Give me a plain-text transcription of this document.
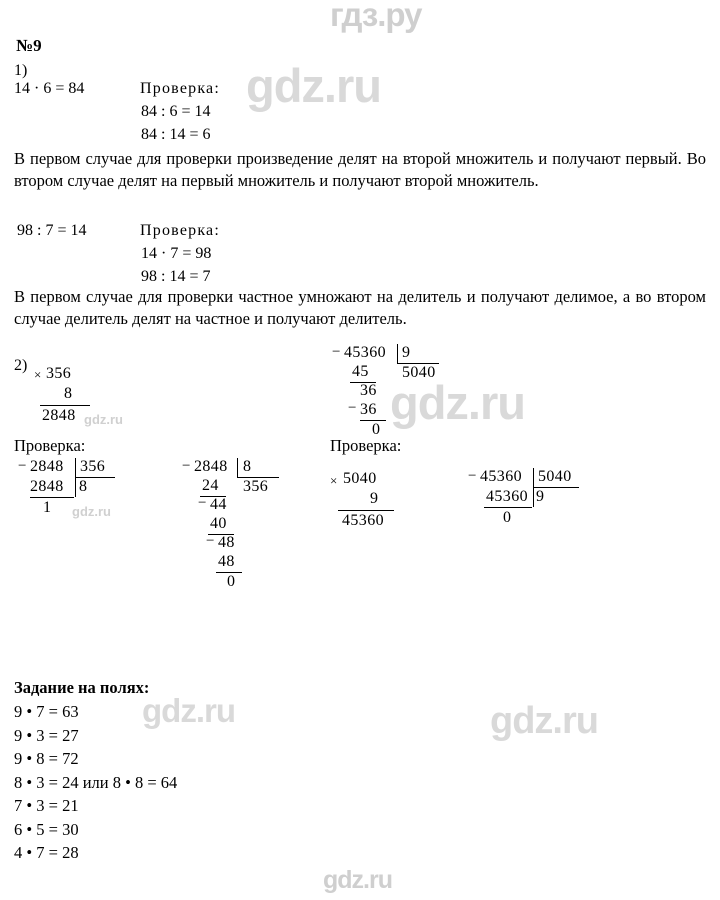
гдз.ру
gdz.ru
gdz.ru
gdz.ru	gdz.ru
gdz.ru
gdz.ru
gdz.ru
№9
1)
14 · 6 = 84	Проверка:
84 : 6 = 14
84 : 14 = 6
В первом случае для проверки произведение делят на второй множитель и получают первый. Во втором случае делят на первый множитель и получают второй множитель.
98 : 7 = 14	Проверка:
14 · 7 = 98
98 : 14 = 7
В первом случае для проверки частное умножают на делитель и получают делимое, а во втором случае делитель делят на частное и получают делитель.
2)
× 356
8
2848
− 45360 9
45 5040
36
− 36
0
Проверка:	Проверка:
− 2848 356
2848 8
1
− 2848 8
24 356
− 44
40
− 48
48
0
× 5040
9
45360
− 45360 5040
45360 9
0
Задание на полях:
9 • 7 = 63
9 • 3 = 27
9 • 8 = 72
8 • 3 = 24 или 8 • 8 = 64
7 • 3 = 21
6 • 5 = 30
4 • 7 = 28
